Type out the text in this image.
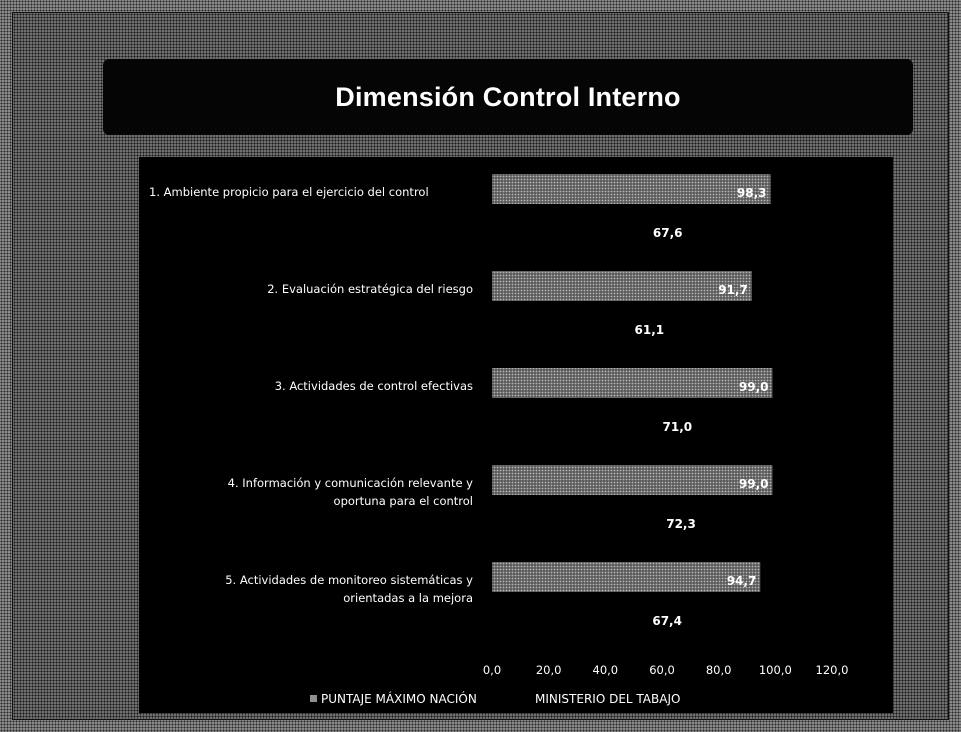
Dimensión Control Interno
98,3
67,6
1. Ambiente propicio para el ejercicio del control
91,7
61,1
2. Evaluación estratégica del riesgo
99,0
71,0
3. Actividades de control efectivas
99,0
72,3
4. Información y comunicación relevante y
oportuna para el control
94,7
67,4
5. Actividades de monitoreo sistemáticas y
orientadas a la mejora
0,0	20,0	40,0	60,0	80,0 100,0 120,0
PUNTAJE MÁXIMO NACIÓN	MINISTERIO DEL TABAJO
